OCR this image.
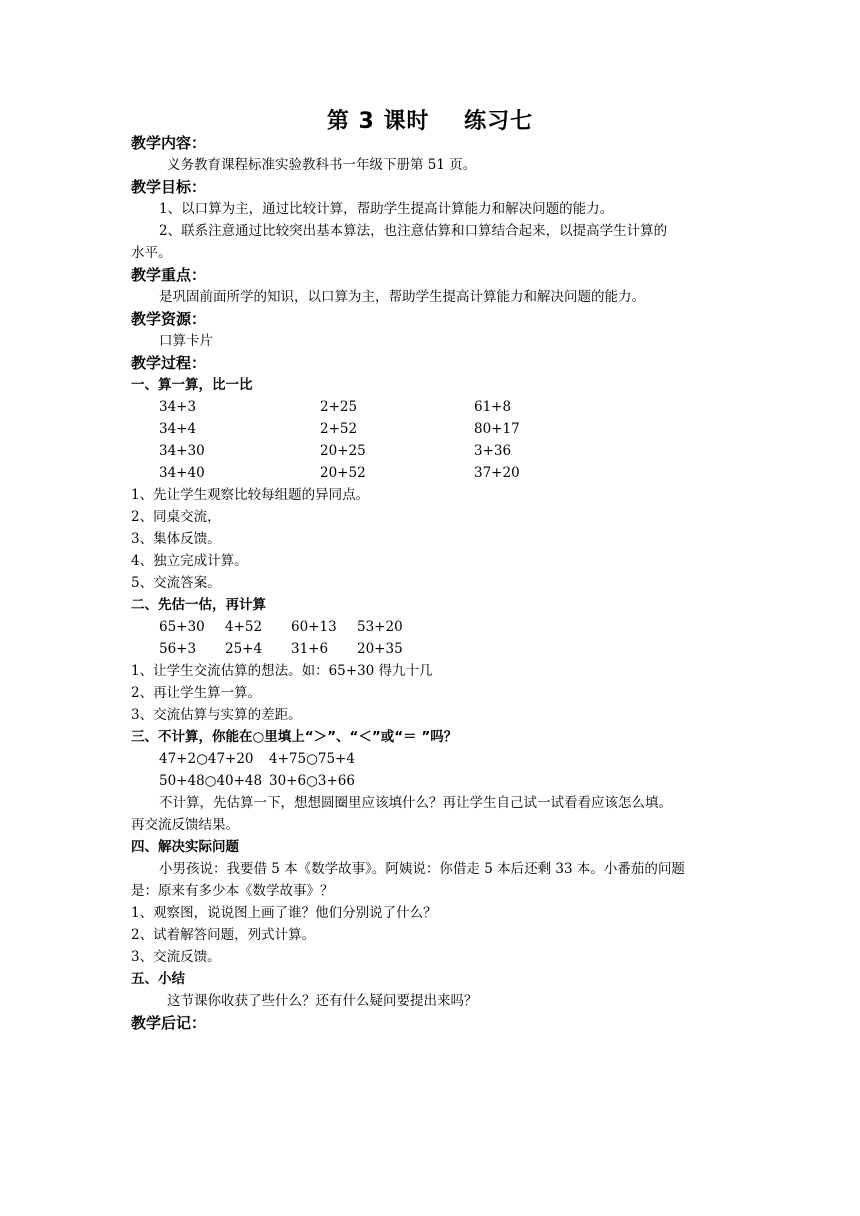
第 3 课时    练习七
教学内容：
义务教育课程标准实验教科书一年级下册第 51 页。
教学目标：
1、以口算为主，通过比较计算，帮助学生提高计算能力和解决问题的能力。
2、联系注意通过比较突出基本算法，也注意估算和口算结合起来，以提高学生计算的
水平。
教学重点：
是巩固前面所学的知识，以口算为主，帮助学生提高计算能力和解决问题的能力。
教学资源：
口算卡片
教学过程：
一、算一算，比一比
34+3	2+25	61+8
34+4	2+52	80+17
34+30	20+25	3+36
34+40	20+52	37+20
1、先让学生观察比较每组题的异同点。
2、同桌交流，
3、集体反馈。
4、独立完成计算。
5、交流答案。
二、先估一估，再计算
65+30	4+52	60+13	53+20
56+3	25+4	31+6	20+35
1、让学生交流估算的想法。如：65+30 得九十几
2、再让学生算一算。
3、交流估算与实算的差距。
三、不计算，你能在○里填上“＞”、“＜”或“＝ ”吗？
47+2○47+20	4+75○75+4
50+48○40+48 30+6○3+66
不计算，先估算一下，想想圆圈里应该填什么？再让学生自己试一试看看应该怎么填。
再交流反馈结果。
四、解决实际问题
小男孩说：我要借 5 本《数学故事》。阿姨说：你借走 5 本后还剩 33 本。小番茄的问题
是：原来有多少本《数学故事》？
1、观察图，说说图上画了谁？他们分别说了什么？
2、试着解答问题，列式计算。
3、交流反馈。
五、小结
这节课你收获了些什么？还有什么疑问要提出来吗？
教学后记：
